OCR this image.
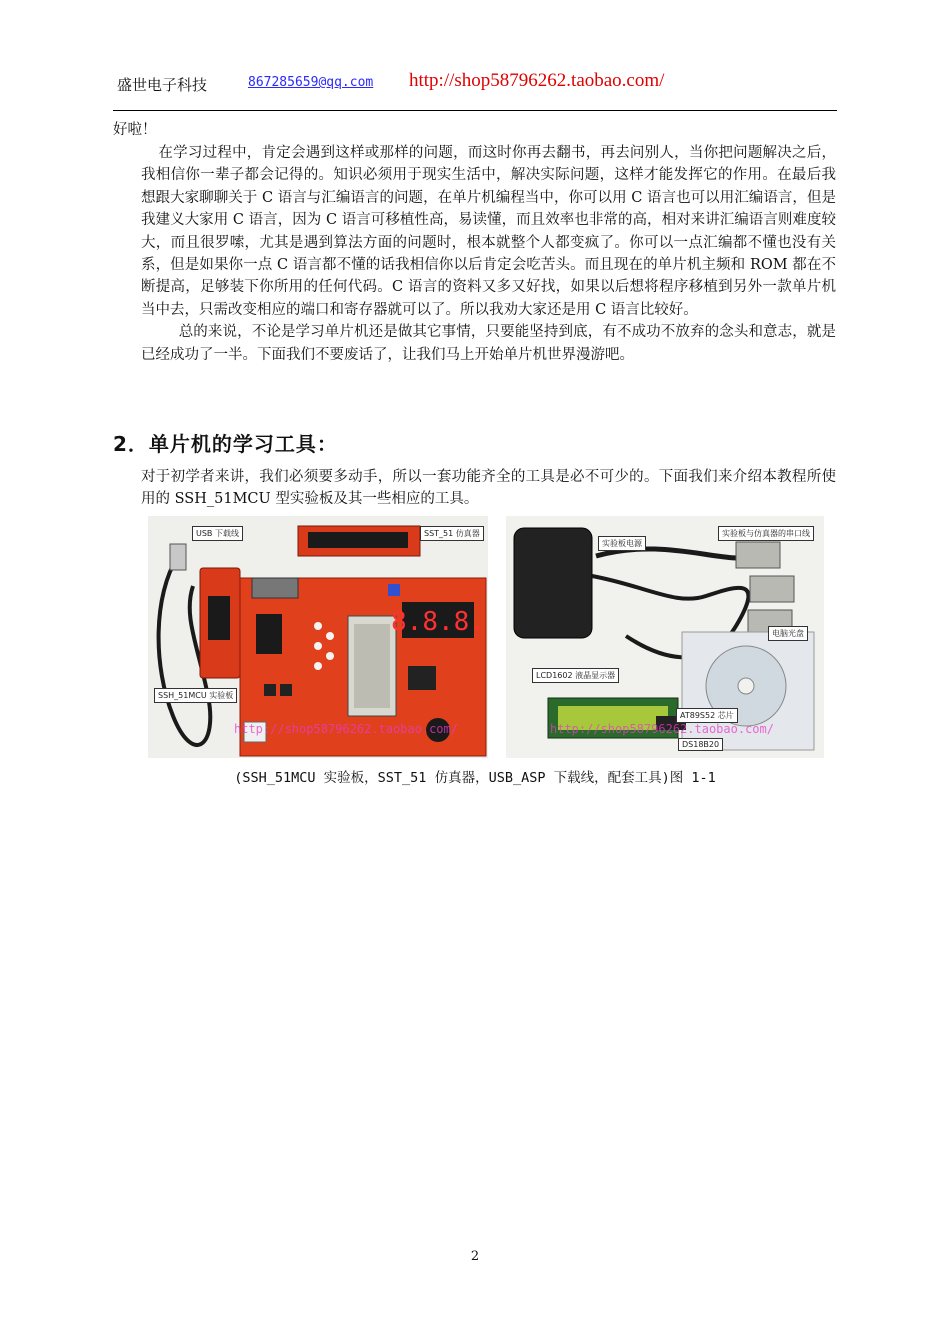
盛世电子科技	867285659@qq.com http://shop58796262.taobao.com/
好啦！

在学习过程中，肯定会遇到这样或那样的问题，而这时你再去翻书，再去问别人，当你把问题解决之后，我相信你一辈子都会记得的。知识必须用于现实生活中，解决实际问题，这样才能发挥它的作用。在最后我想跟大家聊聊关于 C 语言与汇编语言的问题，在单片机编程当中，你可以用 C 语言也可以用汇编语言，但是我建义大家用 C 语言，因为 C 语言可移植性高，易读懂，而且效率也非常的高，相对来讲汇编语言则难度较大，而且很罗嗦，尤其是遇到算法方面的问题时，根本就整个人都变疯了。你可以一点汇编都不懂也没有关系，但是如果你一点 C 语言都不懂的话我相信你以后肯定会吃苦头。而且现在的单片机主频和 ROM 都在不断提高，足够装下你所用的任何代码。C 语言的资料又多又好找，如果以后想将程序移植到另外一款单片机当中去，只需改变相应的端口和寄存器就可以了。所以我劝大家还是用 C 语言比较好。

总的来说，不论是学习单片机还是做其它事情，只要能坚持到底，有不成功不放弃的念头和意志，就是已经成功了一半。下面我们不要废话了，让我们马上开始单片机世界漫游吧。

2．单片机的学习工具：

对于初学者来讲，我们必须要多动手，所以一套功能齐全的工具是必不可少的。下面我们来介绍本教程所使用的 SSH_51MCU 型实验板及其一些相应的工具。

8.8.8.
USB 下载线	SST_51 仿真器
SSH_51MCU 实验板
http://shop58796262.taobao.com/
实验板电源
实验板与仿真器的串口线
电脑光盘
LCD1602 液晶显示器
AT89S52 芯片
DS18B20
http://shop58796262.taobao.com/
(SSH_51MCU 实验板，SST_51 仿真器，USB_ASP 下载线，配套工具)图 1-1
2
